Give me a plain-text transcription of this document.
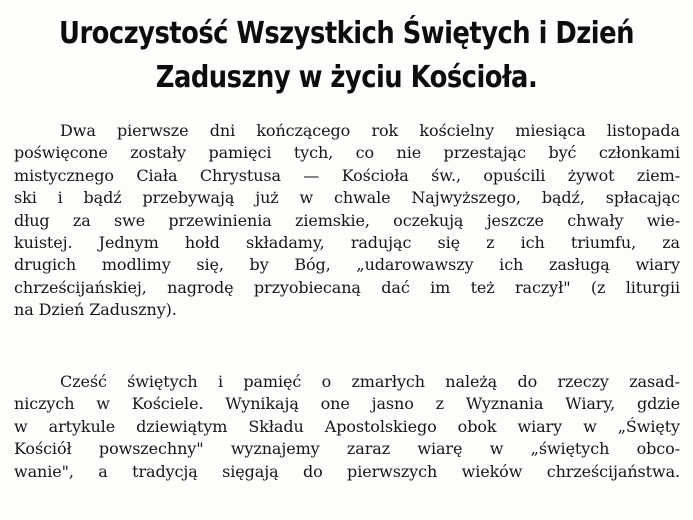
Uroczystość Wszystkich Świętych i Dzień
Zaduszny w życiu Kościoła.
Dwa pierwsze dni kończącego rok kościelny miesiąca listopada
poświęcone zostały pamięci tych, co nie przestając być członkami
mistycznego Ciała Chrystusa — Kościoła św., opuścili żywot ziem-
ski i bądź przebywają już w chwale Najwyższego, bądź, spłacając
dług za swe przewinienia ziemskie, oczekują jeszcze chwały wie-
kuistej. Jednym hołd składamy, radując się z ich triumfu, za
drugich modlimy się, by Bóg, „udarowawszy ich zasługą wiary
chrześcijańskiej, nagrodę przyobiecaną dać im też raczył" (z liturgii
na Dzień Zaduszny).
Cześć świętych i pamięć o zmarłych należą do rzeczy zasad-
niczych w Kościele. Wynikają one jasno z Wyznania Wiary, gdzie
w artykule dziewiątym Składu Apostolskiego obok wiary w „Święty
Kościół powszechny" wyznajemy zaraz wiarę w „świętych obco-
wanie", a tradycją sięgają do pierwszych wieków chrześcijaństwa.
